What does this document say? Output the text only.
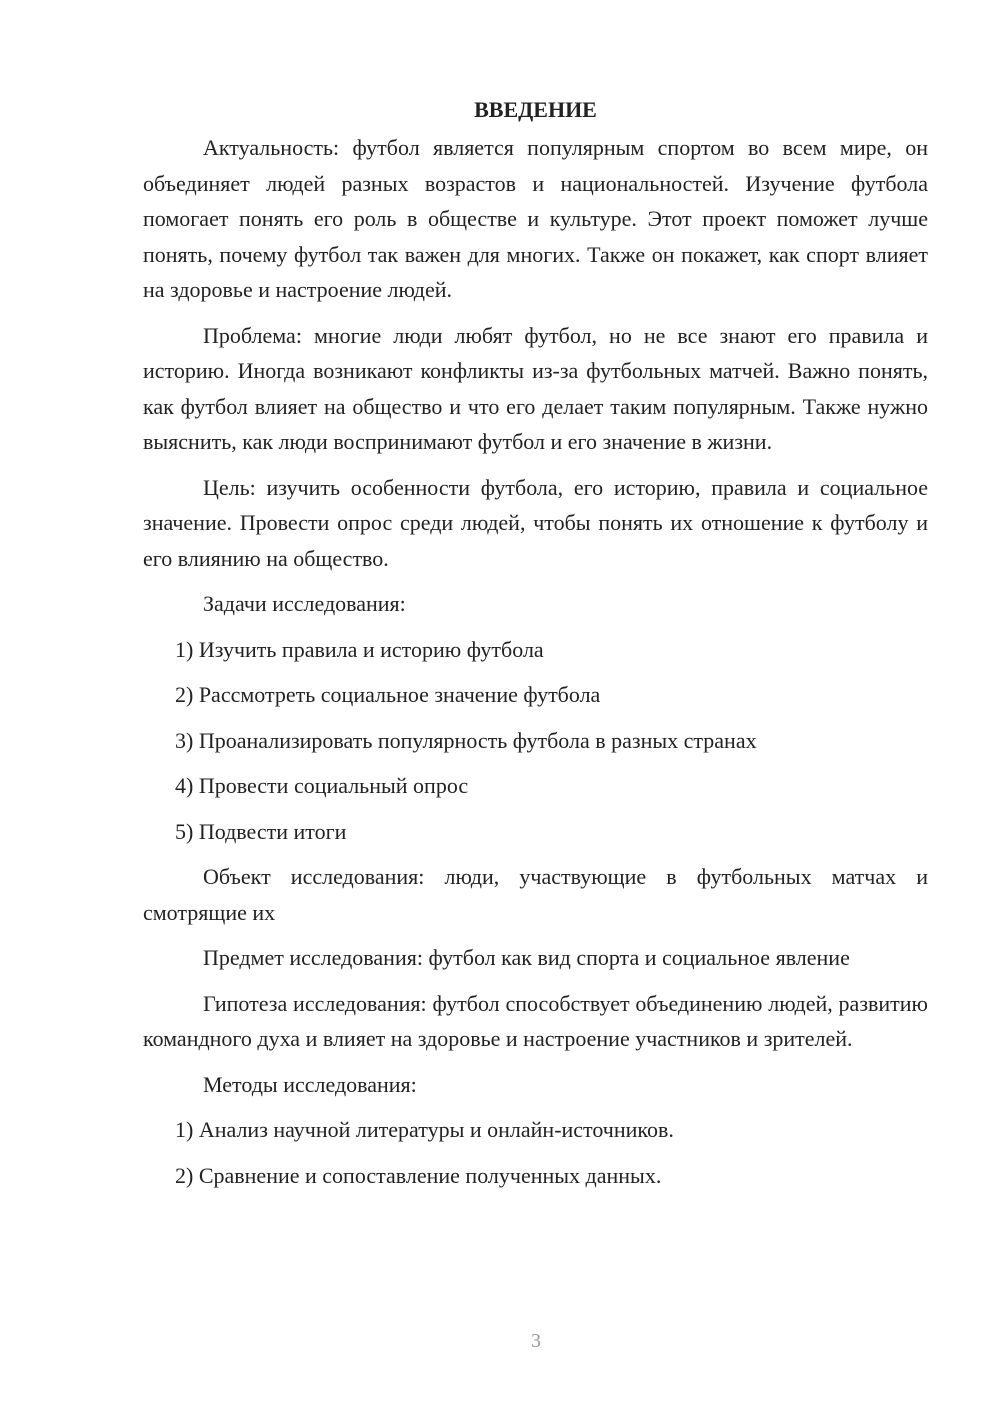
ВВЕДЕНИЕ

Актуальность: футбол является популярным спортом во всем мире, он объединяет людей разных возрастов и национальностей. Изучение футбола помогает понять его роль в обществе и культуре. Этот проект поможет лучше понять, почему футбол так важен для многих. Также он покажет, как спорт влияет на здоровье и настроение людей.

Проблема: многие люди любят футбол, но не все знают его правила и историю. Иногда возникают конфликты из-за футбольных матчей. Важно понять, как футбол влияет на общество и что его делает таким популярным. Также нужно выяснить, как люди воспринимают футбол и его значение в жизни.

Цель: изучить особенности футбола, его историю, правила и социальное значение. Провести опрос среди людей, чтобы понять их отношение к футболу и его влиянию на общество.

Задачи исследования:

1) Изучить правила и историю футбола

2) Рассмотреть социальное значение футбола

3) Проанализировать популярность футбола в разных странах

4) Провести социальный опрос

5) Подвести итоги

Объект исследования: люди, участвующие в футбольных матчах и смотрящие их

Предмет исследования: футбол как вид спорта и социальное явление

Гипотеза исследования: футбол способствует объединению людей, развитию командного духа и влияет на здоровье и настроение участников и зрителей.

Методы исследования:

1) Анализ научной литературы и онлайн-источников.

2) Сравнение и сопоставление полученных данных.

3
